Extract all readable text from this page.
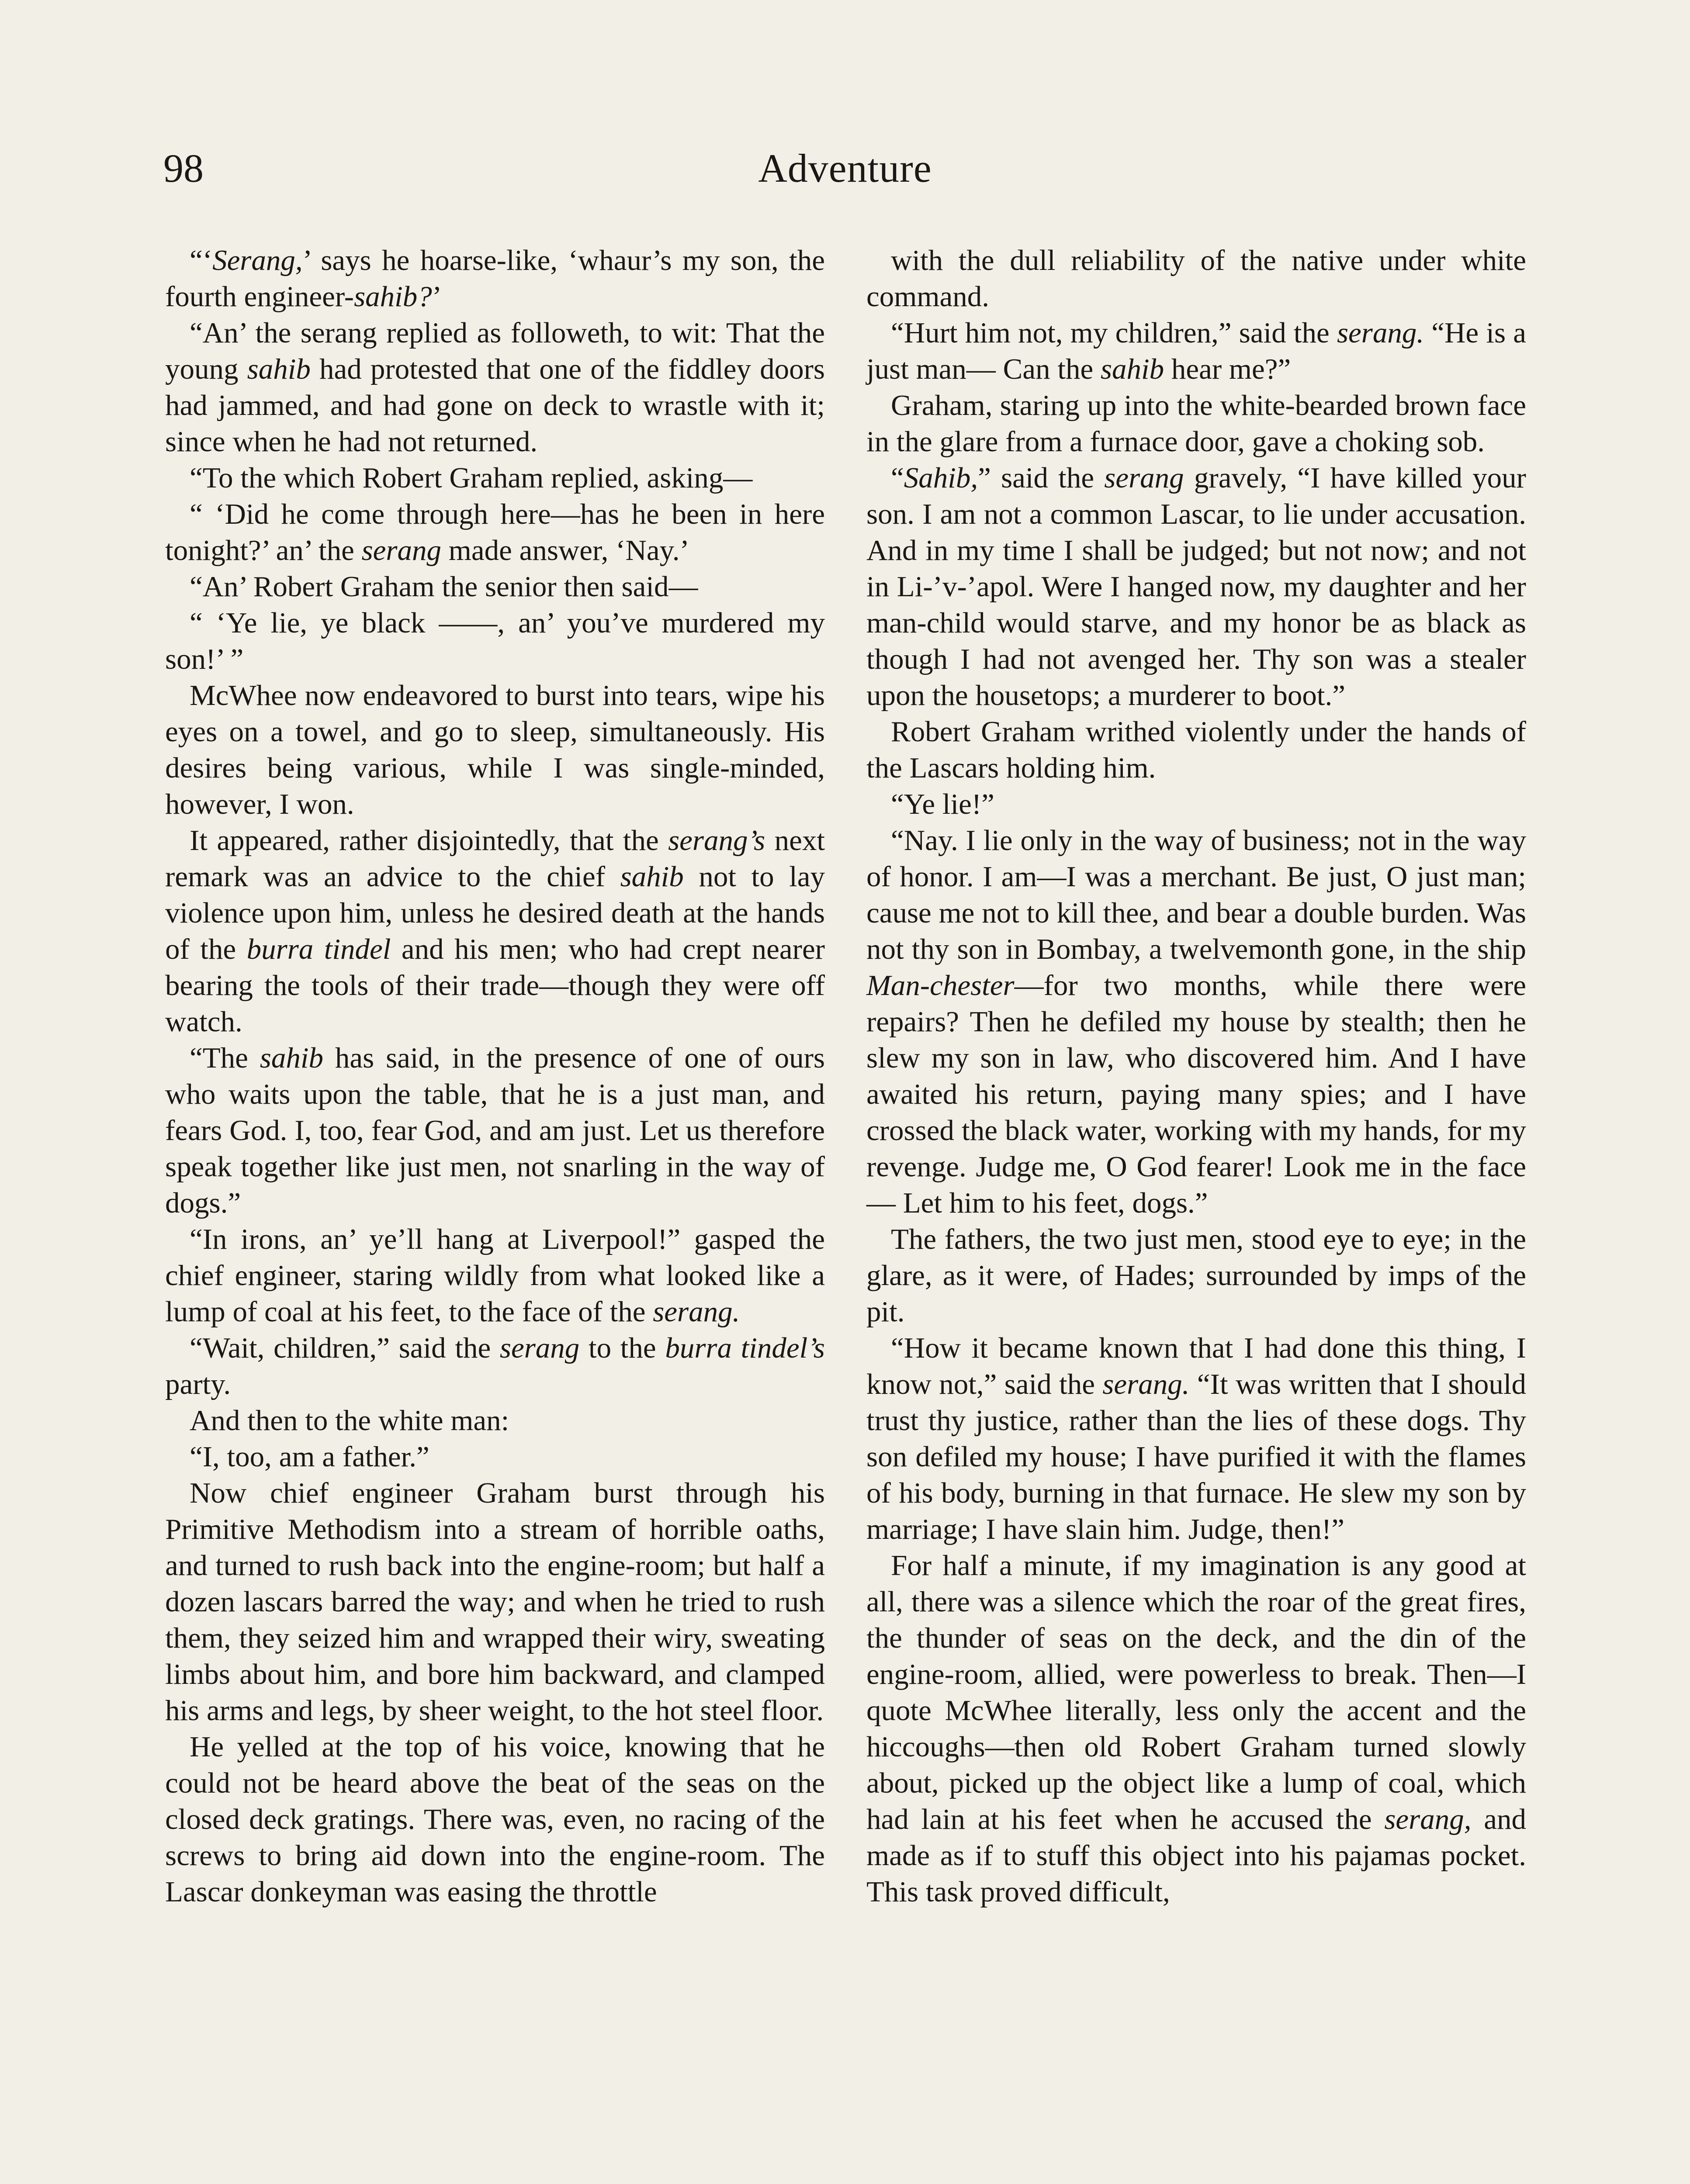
98	Adventure

“‘Serang,’ says he hoarse-like, ‘whaur’s my son, the fourth engineer-sahib?’

“An’ the serang replied as followeth, to wit: That the young sahib had protested that one of the fiddley doors had jammed, and had gone on deck to wrastle with it; since when he had not returned.

“To the which Robert Graham replied, asking—

“ ‘Did he come through here—has he been in here tonight?’ an’ the serang made answer, ‘Nay.’

“An’ Robert Graham the senior then said—

“ ‘Ye lie, ye black ——, an’ you’ve murdered my son!’ ”

McWhee now endeavored to burst into tears, wipe his eyes on a towel, and go to sleep, simultaneously. His desires being various, while I was single-minded, however, I won.

It appeared, rather disjointedly, that the serang’s next remark was an advice to the chief sahib not to lay violence upon him, unless he desired death at the hands of the burra tindel and his men; who had crept nearer bearing the tools of their trade—though they were off watch.

“The sahib has said, in the presence of one of ours who waits upon the table, that he is a just man, and fears God. I, too, fear God, and am just. Let us therefore speak together like just men, not snarling in the way of dogs.”

“In irons, an’ ye’ll hang at Liverpool!” gasped the chief engineer, staring wildly from what looked like a lump of coal at his feet, to the face of the serang.

“Wait, children,” said the serang to the burra tindel’s party.

And then to the white man:

“I, too, am a father.”

Now chief engineer Graham burst through his Primitive Methodism into a stream of horrible oaths, and turned to rush back into the engine-room; but half a dozen lascars barred the way; and when he tried to rush them, they seized him and wrapped their wiry, sweating limbs about him, and bore him backward, and clamped his arms and legs, by sheer weight, to the hot steel floor.

He yelled at the top of his voice, knowing that he could not be heard above the beat of the seas on the closed deck gratings. There was, even, no racing of the screws to bring aid down into the engine-room. The Lascar donkeyman was easing the throttle

with the dull reliability of the native under white command.

“Hurt him not, my children,” said the serang. “He is a just man— Can the sahib hear me?”

Graham, staring up into the white-bearded brown face in the glare from a furnace door, gave a choking sob.

“Sahib,” said the serang gravely, “I have killed your son. I am not a common Lascar, to lie under accusation. And in my time I shall be judged; but not now; and not in Li-’v-’apol. Were I hanged now, my daughter and her man-child would starve, and my honor be as black as though I had not avenged her. Thy son was a stealer upon the housetops; a murderer to boot.”

Robert Graham writhed violently under the hands of the Lascars holding him.

“Ye lie!”

“Nay. I lie only in the way of business; not in the way of honor. I am—I was a merchant. Be just, O just man; cause me not to kill thee, and bear a double burden. Was not thy son in Bombay, a twelvemonth gone, in the ship Man-chester—for two months, while there were repairs? Then he defiled my house by stealth; then he slew my son in law, who discovered him. And I have awaited his return, paying many spies; and I have crossed the black water, working with my hands, for my revenge. Judge me, O God fearer! Look me in the face— Let him to his feet, dogs.”

The fathers, the two just men, stood eye to eye; in the glare, as it were, of Hades; surrounded by imps of the pit.

“How it became known that I had done this thing, I know not,” said the serang. “It was written that I should trust thy justice, rather than the lies of these dogs. Thy son defiled my house; I have purified it with the flames of his body, burning in that furnace. He slew my son by marriage; I have slain him. Judge, then!”

For half a minute, if my imagination is any good at all, there was a silence which the roar of the great fires, the thunder of seas on the deck, and the din of the engine-room, allied, were powerless to break. Then—I quote McWhee literally, less only the accent and the hiccoughs—then old Robert Graham turned slowly about, picked up the object like a lump of coal, which had lain at his feet when he accused the serang, and made as if to stuff this object into his pajamas pocket. This task proved difficult,
